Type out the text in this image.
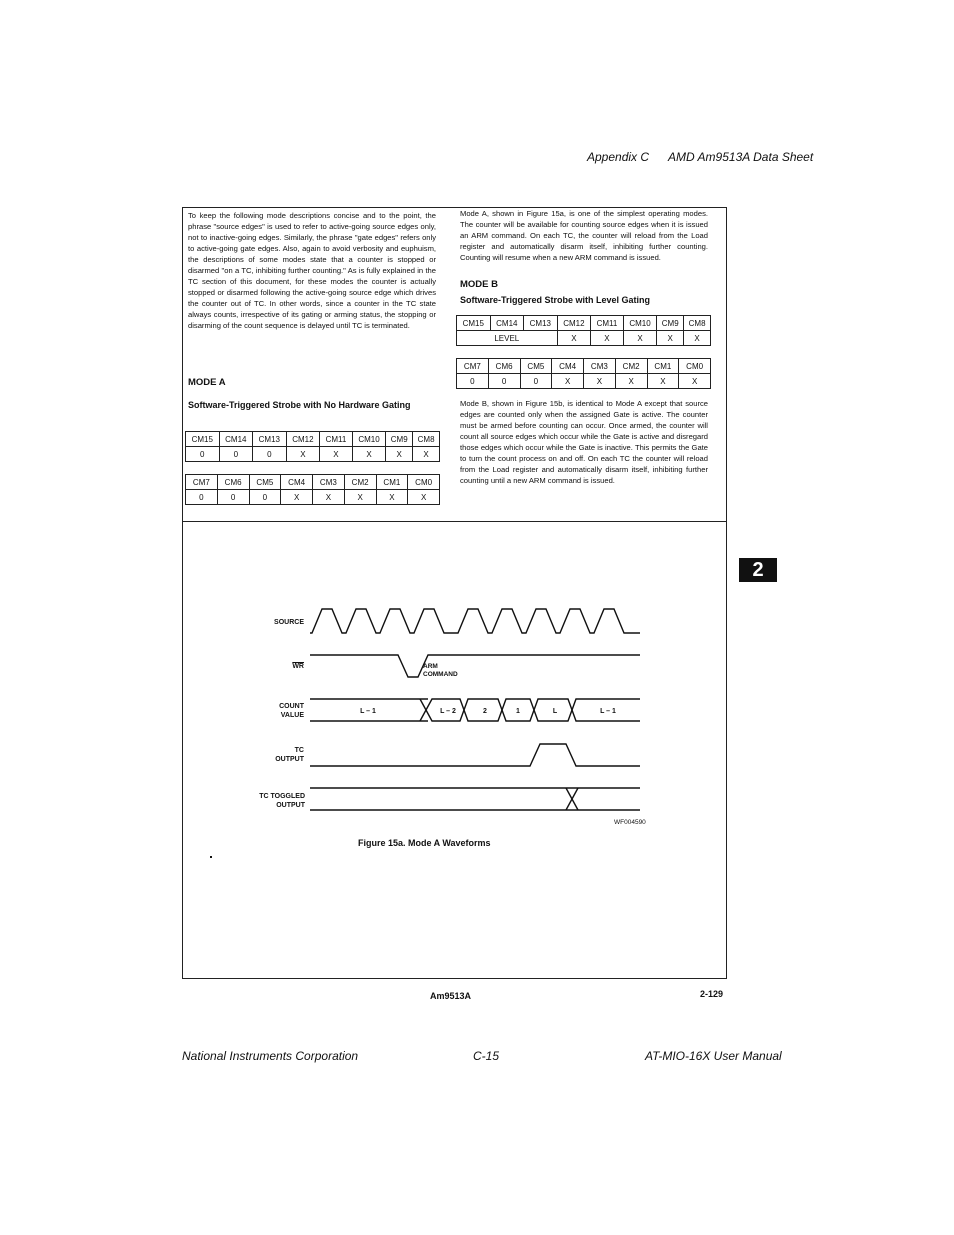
Appendix C AMD Am9513A Data Sheet

To keep the following mode descriptions concise and to the point, the phrase "source edges" is used to refer to active-going source edges only, not to inactive-going edges. Similarly, the phrase "gate edges" refers only to active-going gate edges. Also, again to avoid verbosity and euphuism, the descriptions of some modes state that a counter is stopped or disarmed "on a TC, inhibiting further counting." As is fully explained in the TC section of this document, for these modes the counter is actually stopped or disarmed following the active-going source edge which drives the counter out of TC. In other words, since a counter in the TC state always counts, irrespective of its gating or arming status, the stopping or disarming of the count sequence is delayed until TC is terminated.

MODE A
Software-Triggered Strobe with No Hardware Gating
CM15	CM14	CM13	CM12	CM11	CM10	CM9	CM8
0	0	0	X	X	X	X	X
CM7	CM6	CM5	CM4	CM3	CM2	CM1	CM0
0	0	0	X	X	X	X	X

Mode A, shown in Figure 15a, is one of the simplest operating modes. The counter will be available for counting source edges when it is issued an ARM command. On each TC, the counter will reload from the Load register and automatically disarm itself, inhibiting further counting. Counting will resume when a new ARM command is issued.

MODE B
Software-Triggered Strobe with Level Gating
CM15	CM14	CM13	CM12	CM11	CM10	CM9	CM8
LEVEL			X	X	X	X	X
CM7	CM6	CM5	CM4	CM3	CM2	CM1	CM0
0	0	0	X	X	X	X	X

Mode B, shown in Figure 15b, is identical to Mode A except that source edges are counted only when the assigned Gate is active. The counter must be armed before counting can occur. Once armed, the counter will count all source edges which occur while the Gate is active and disregard those edges which occur while the Gate is inactive. This permits the Gate to turn the count process on and off. On each TC the counter will reload from the Load register and automatically disarm itself, inhibiting further counting until a new ARM command is issued.

2
SOURCE
$\overline{WR}$
COUNT
VALUE
TC
OUTPUT
TC TOGGLED
OUTPUT
ARM
COMMAND
L – 1	L – 2	2	1	L	L – 1
WF004590
Figure 15a. Mode A Waveforms
Am9513A	2-129
National Instruments Corporation	C-15	AT-MIO-16X User Manual
